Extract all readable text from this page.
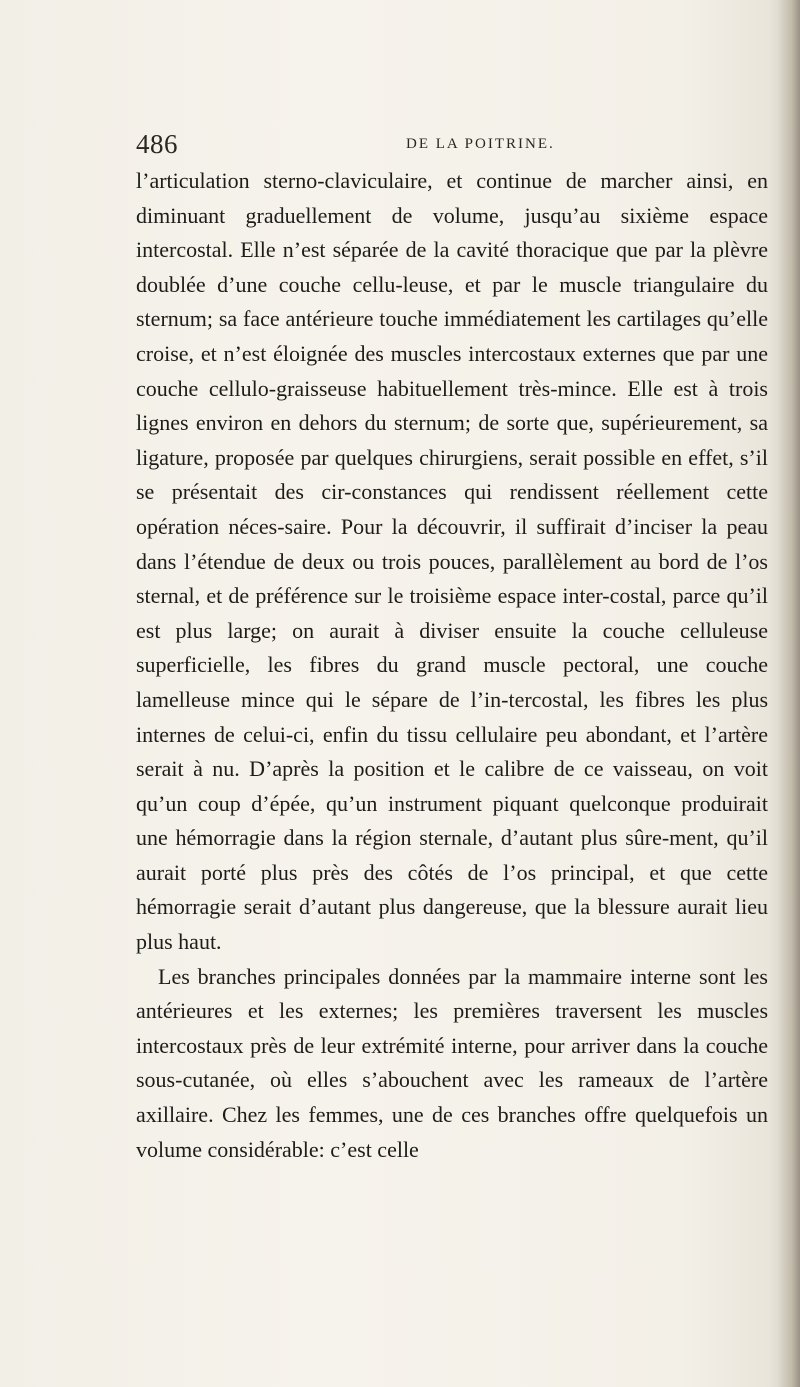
486	DE LA POITRINE.

l’articulation sterno-claviculaire, et continue de marcher ainsi, en diminuant graduellement de volume, jusqu’au sixième espace intercostal. Elle n’est séparée de la cavité thoracique que par la plèvre doublée d’une couche cellu-leuse, et par le muscle triangulaire du sternum; sa face antérieure touche immédiatement les cartilages qu’elle croise, et n’est éloignée des muscles intercostaux externes que par une couche cellulo-graisseuse habituellement très-mince. Elle est à trois lignes environ en dehors du sternum; de sorte que, supérieurement, sa ligature, proposée par quelques chirurgiens, serait possible en effet, s’il se présentait des cir-constances qui rendissent réellement cette opération néces-saire. Pour la découvrir, il suffirait d’inciser la peau dans l’étendue de deux ou trois pouces, parallèlement au bord de l’os sternal, et de préférence sur le troisième espace inter-costal, parce qu’il est plus large; on aurait à diviser ensuite la couche celluleuse superficielle, les fibres du grand muscle pectoral, une couche lamelleuse mince qui le sépare de l’in-tercostal, les fibres les plus internes de celui-ci, enfin du tissu cellulaire peu abondant, et l’artère serait à nu. D’après la position et le calibre de ce vaisseau, on voit qu’un coup d’épée, qu’un instrument piquant quelconque produirait une hémorragie dans la région sternale, d’autant plus sûre-ment, qu’il aurait porté plus près des côtés de l’os principal, et que cette hémorragie serait d’autant plus dangereuse, que la blessure aurait lieu plus haut.

Les branches principales données par la mammaire interne sont les antérieures et les externes; les premières traversent les muscles intercostaux près de leur extrémité interne, pour arriver dans la couche sous-cutanée, où elles s’abouchent avec les rameaux de l’artère axillaire. Chez les femmes, une de ces branches offre quelquefois un volume considérable: c’est celle
